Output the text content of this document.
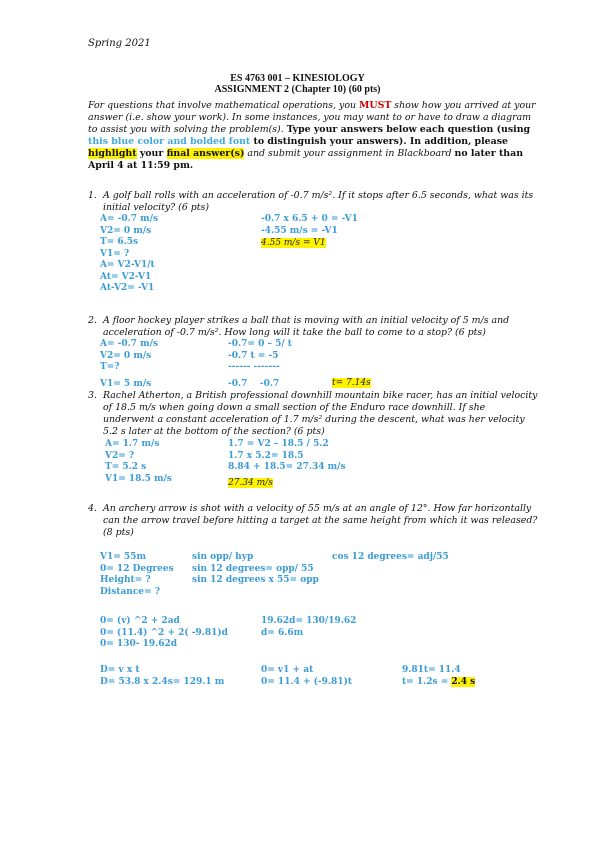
Spring 2021
ES 4763 001 – KINESIOLOGY
ASSIGNMENT 2 (Chapter 10) (60 pts)
For questions that involve mathematical operations, you MUST show how you arrived at your
answer (i.e. show your work). In some instances, you may want to or have to draw a diagram
to assist you with solving the problem(s). Type your answers below each question (using
this blue color and bolded font to distinguish your answers). In addition, please
highlight your final answer(s) and submit your assignment in Blackboard no later than
April 4 at 11:59 pm.
1. A golf ball rolls with an acceleration of -0.7 m/s². If it stops after 6.5 seconds, what was its
initial velocity? (6 pts)
A= -0.7 m/s
V2= 0 m/s
T= 6.5s
V1= ?
A= V2-V1/t
At= V2-V1
At-V2= -V1
-0.7 x 6.5 + 0 = -V1
-4.55 m/s = -V1
4.55 m/s = V1
2. A floor hockey player strikes a ball that is moving with an initial velocity of 5 m/s and
acceleration of -0.7 m/s². How long will it take the ball to come to a stop? (6 pts)
A= -0.7 m/s
V2= 0 m/s
T=?
V1= 5 m/s
-0.7= 0 – 5/ t
-0.7 t = -5
------ -------
-0.7    -0.7	t= 7.14s
3. Rachel Atherton, a British professional downhill mountain bike racer, has an initial velocity
of 18.5 m/s when going down a small section of the Enduro race downhill. If she
underwent a constant acceleration of 1.7 m/s² during the descent, what was her velocity
5.2 s later at the bottom of the section? (6 pts)
A= 1.7 m/s
V2= ?
T= 5.2 s
V1= 18.5 m/s
1.7 = V2 – 18.5 / 5.2
1.7 x 5.2= 18.5
8.84 + 18.5= 27.34 m/s
27.34 m/s
4. An archery arrow is shot with a velocity of 55 m/s at an angle of 12°. How far horizontally
can the arrow travel before hitting a target at the same height from which it was released?
(8 pts)
V1= 55m
0= 12 Degrees
Height= ?
Distance= ?
sin opp/ hyp
sin 12 degrees= opp/ 55
sin 12 degrees x 55= opp
cos 12 degrees= adj/55
0= (v) ^2 + 2ad
0= (11.4) ^2 + 2( -9.81)d
0= 130- 19.62d
19.62d= 130/19.62
d= 6.6m
D= v x t
D= 53.8 x 2.4s= 129.1 m
0= v1 + at
0= 11.4 + (-9.81)t
9.81t= 11.4
t= 1.2s = 2.4 s
